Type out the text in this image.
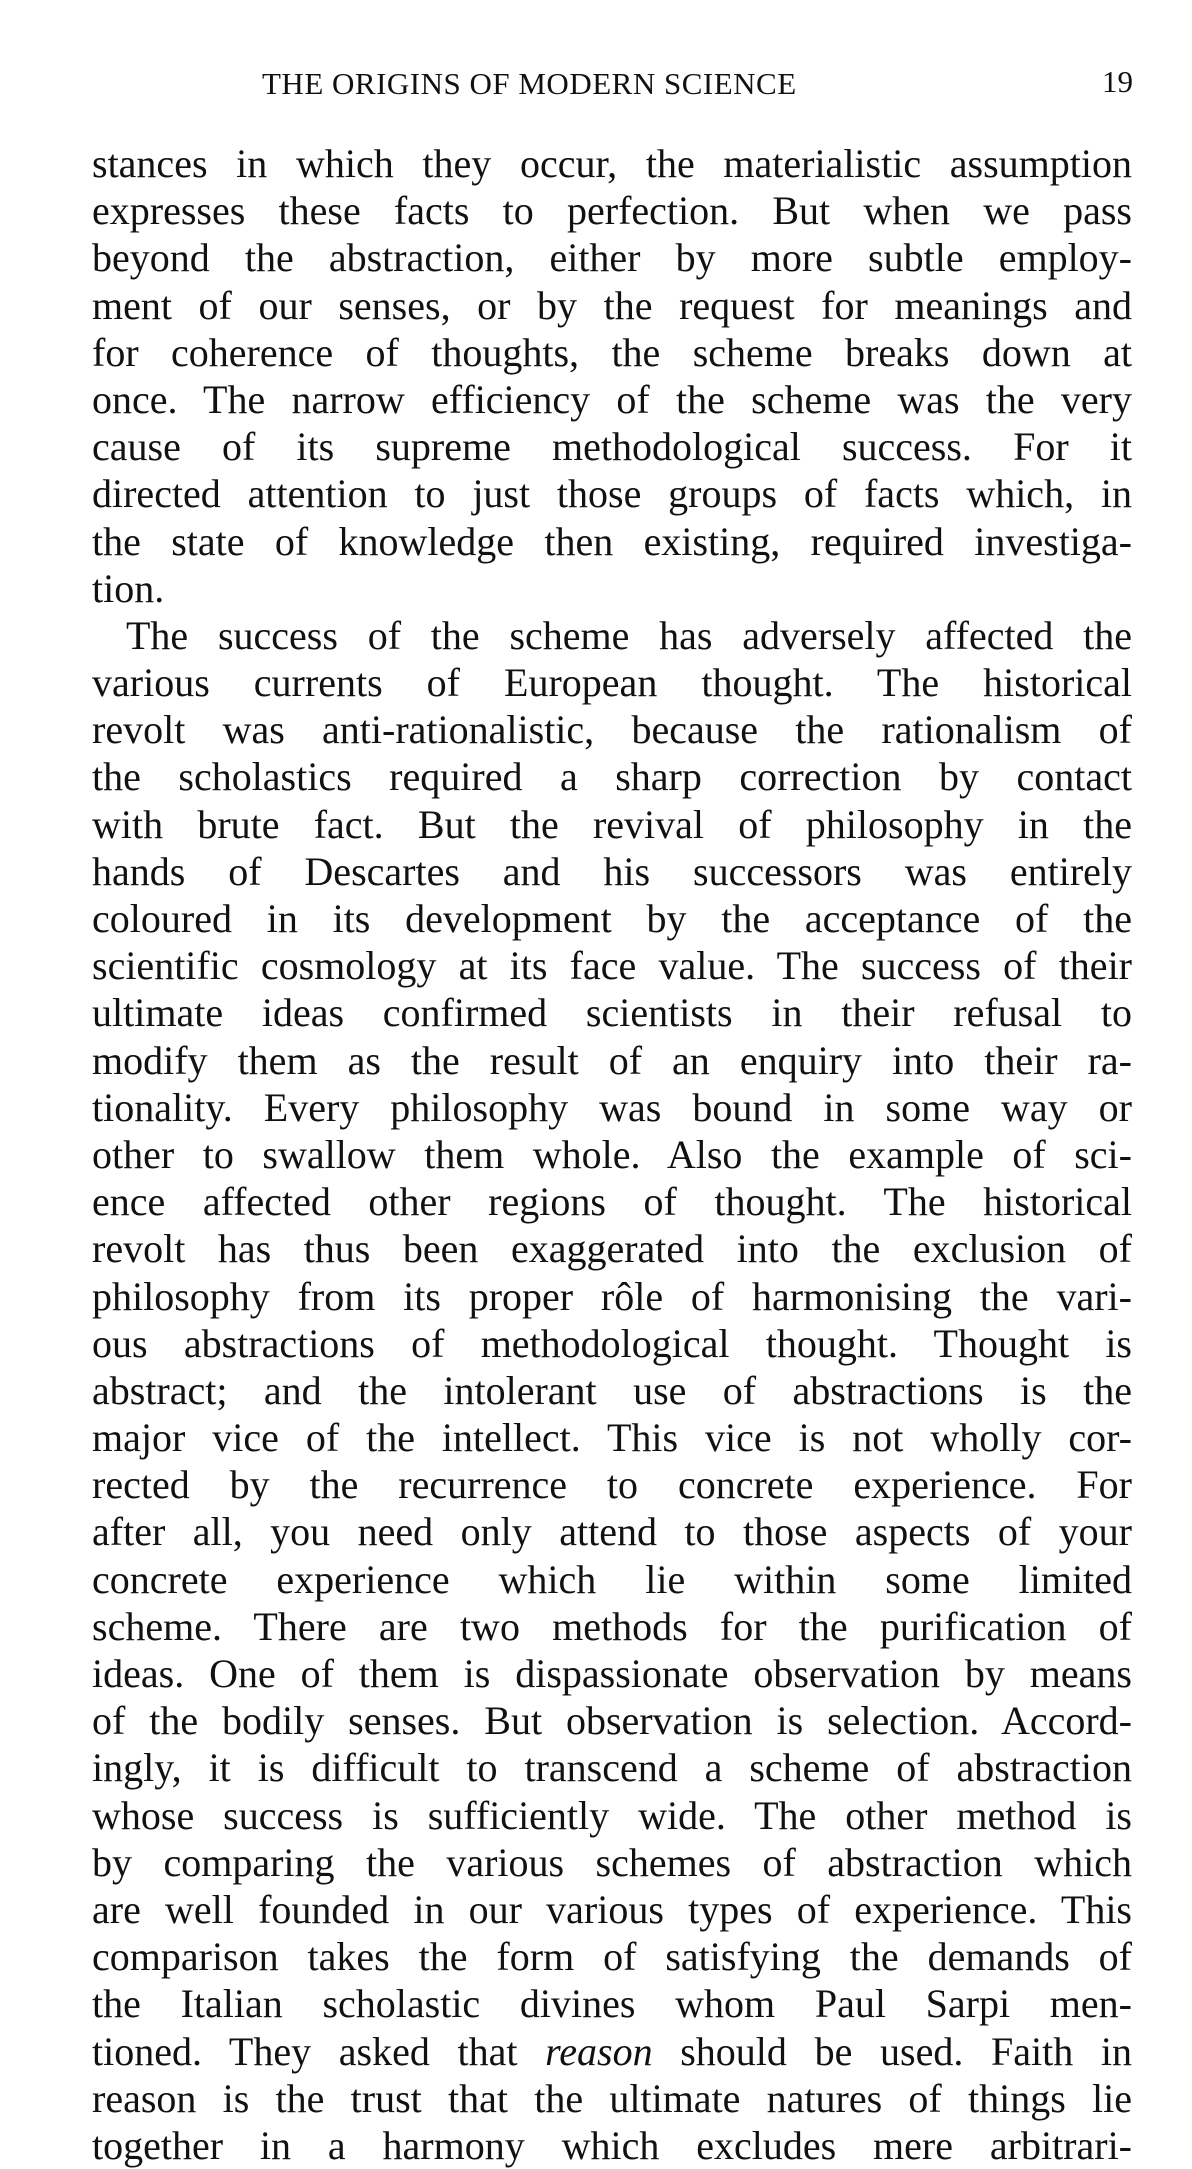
THE ORIGINS OF MODERN SCIENCE	19
stances in which they occur, the materialistic assumption
expresses these facts to perfection. But when we pass
beyond the abstraction, either by more subtle employ-
ment of our senses, or by the request for meanings and
for coherence of thoughts, the scheme breaks down at
once. The narrow efficiency of the scheme was the very
cause of its supreme methodological success. For it
directed attention to just those groups of facts which, in
the state of knowledge then existing, required investiga-
tion.
The success of the scheme has adversely affected the
various currents of European thought. The historical
revolt was anti-rationalistic, because the rationalism of
the scholastics required a sharp correction by contact
with brute fact. But the revival of philosophy in the
hands of Descartes and his successors was entirely
coloured in its development by the acceptance of the
scientific cosmology at its face value. The success of their
ultimate ideas confirmed scientists in their refusal to
modify them as the result of an enquiry into their ra-
tionality. Every philosophy was bound in some way or
other to swallow them whole. Also the example of sci-
ence affected other regions of thought. The historical
revolt has thus been exaggerated into the exclusion of
philosophy from its proper rôle of harmonising the vari-
ous abstractions of methodological thought. Thought is
abstract; and the intolerant use of abstractions is the
major vice of the intellect. This vice is not wholly cor-
rected by the recurrence to concrete experience. For
after all, you need only attend to those aspects of your
concrete experience which lie within some limited
scheme. There are two methods for the purification of
ideas. One of them is dispassionate observation by means
of the bodily senses. But observation is selection. Accord-
ingly, it is difficult to transcend a scheme of abstraction
whose success is sufficiently wide. The other method is
by comparing the various schemes of abstraction which
are well founded in our various types of experience. This
comparison takes the form of satisfying the demands of
the Italian scholastic divines whom Paul Sarpi men-
tioned. They asked that reason should be used. Faith in
reason is the trust that the ultimate natures of things lie
together in a harmony which excludes mere arbitrari-
